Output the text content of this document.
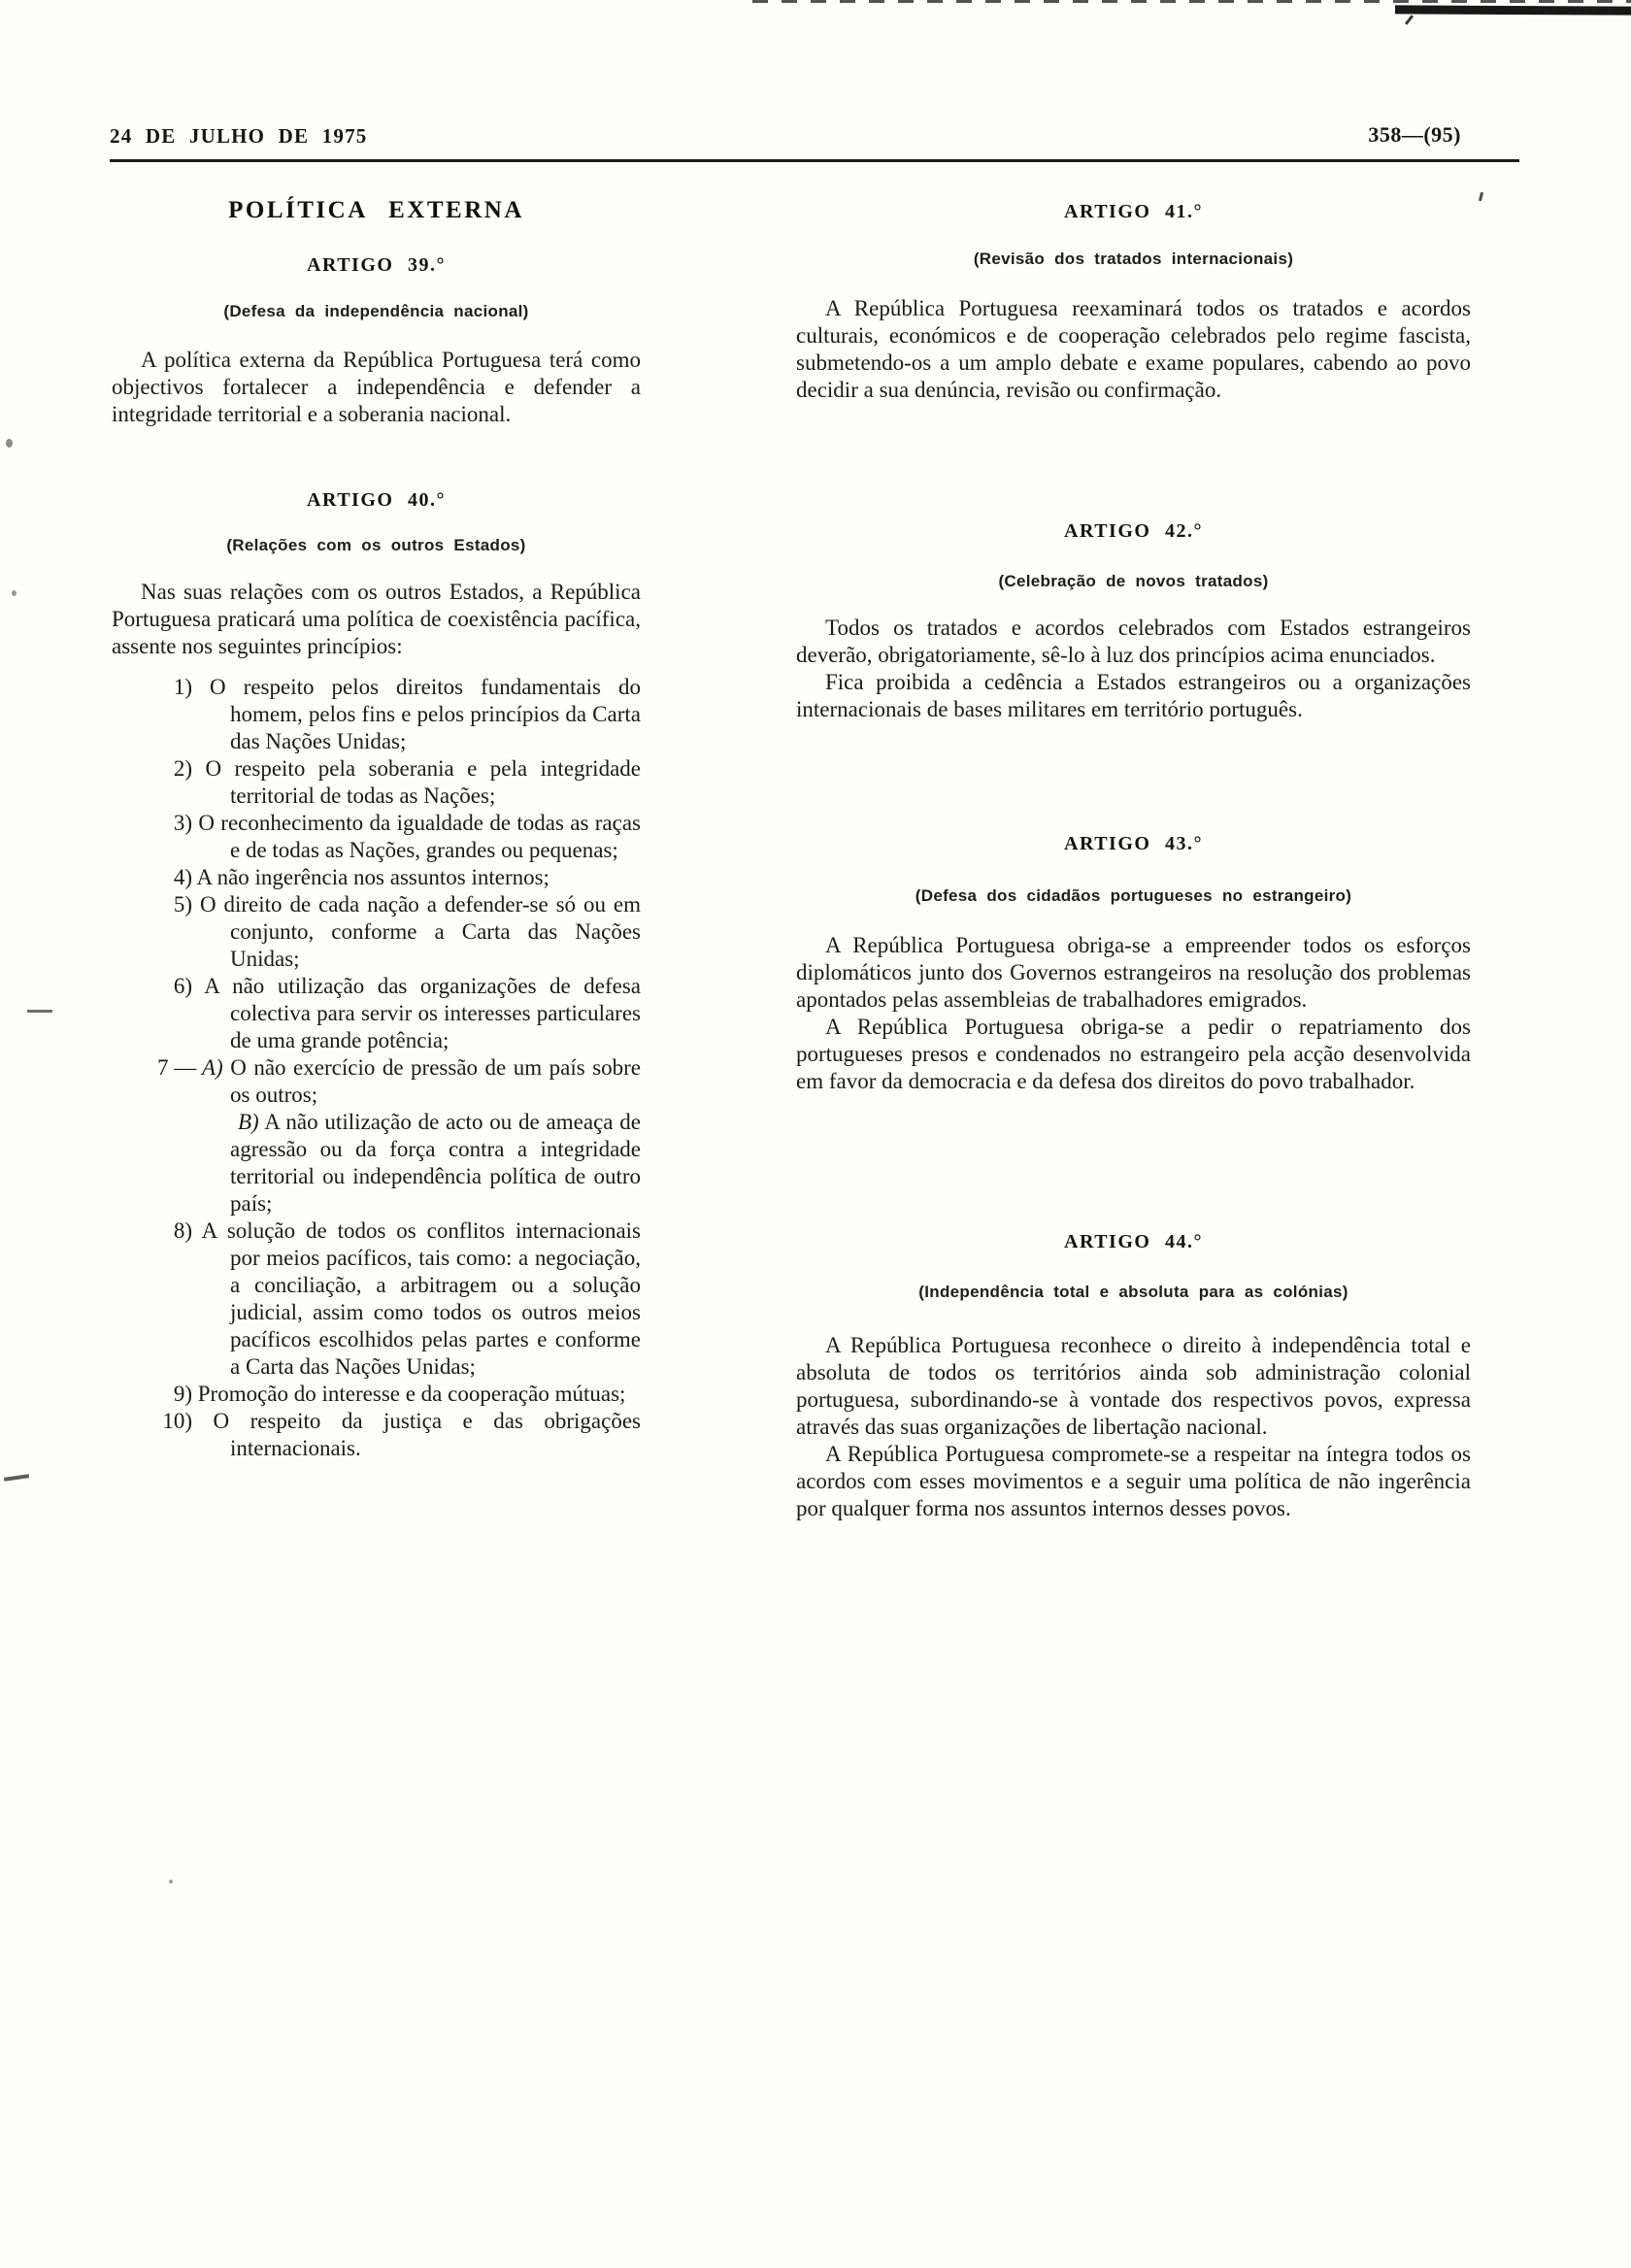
24 DE JULHO DE 1975	358—(95)
POLÍTICA EXTERNA
ARTIGO 39.°
(Defesa da independência nacional)

A política externa da República Portuguesa terá como objectivos fortalecer a independência e defender a integridade territorial e a soberania nacional.

ARTIGO 40.°
(Relações com os outros Estados)

Nas suas relações com os outros Estados, a República Portuguesa praticará uma política de coexistência pacífica, assente nos seguintes princípios:

1) O respeito pelos direitos fundamentais do homem, pelos fins e pelos princípios da Carta das Nações Unidas;
2) O respeito pela soberania e pela integridade territorial de todas as Nações;
3) O reconhecimento da igualdade de todas as raças e de todas as Nações, grandes ou pequenas;
4) A não ingerência nos assuntos internos;
5) O direito de cada nação a defender-se só ou em conjunto, conforme a Carta das Nações Unidas;
6) A não utilização das organizações de defesa colectiva para servir os interesses particulares de uma grande potência;
7 — A) O não exercício de pressão de um país sobre os outros;
B) A não utilização de acto ou de ameaça de agressão ou da força contra a integridade territorial ou independência política de outro país;
8) A solução de todos os conflitos internacionais por meios pacíficos, tais como: a negociação, a conciliação, a arbitragem ou a solução judicial, assim como todos os outros meios pacíficos escolhidos pelas partes e conforme a Carta das Nações Unidas;
9) Promoção do interesse e da cooperação mútuas;
10) O respeito da justiça e das obrigações internacionais.
ARTIGO 41.°
(Revisão dos tratados internacionais)

A República Portuguesa reexaminará todos os tratados e acordos culturais, económicos e de cooperação celebrados pelo regime fascista, submetendo-os a um amplo debate e exame populares, cabendo ao povo decidir a sua denúncia, revisão ou confirmação.

ARTIGO 42.°
(Celebração de novos tratados)

Todos os tratados e acordos celebrados com Estados estrangeiros deverão, obrigatoriamente, sê-lo à luz dos princípios acima enunciados.

Fica proibida a cedência a Estados estrangeiros ou a organizações internacionais de bases militares em território português.

ARTIGO 43.°
(Defesa dos cidadãos portugueses no estrangeiro)

A República Portuguesa obriga-se a empreender todos os esforços diplomáticos junto dos Governos estrangeiros na resolução dos problemas apontados pelas assembleias de trabalhadores emigrados.

A República Portuguesa obriga-se a pedir o repatriamento dos portugueses presos e condenados no estrangeiro pela acção desenvolvida em favor da democracia e da defesa dos direitos do povo trabalhador.

ARTIGO 44.°
(Independência total e absoluta para as colónias)

A República Portuguesa reconhece o direito à independência total e absoluta de todos os territórios ainda sob administração colonial portuguesa, subordinando-se à vontade dos respectivos povos, expressa através das suas organizações de libertação nacional.

A República Portuguesa compromete-se a respeitar na íntegra todos os acordos com esses movimentos e a seguir uma política de não ingerência por qualquer forma nos assuntos internos desses povos.
